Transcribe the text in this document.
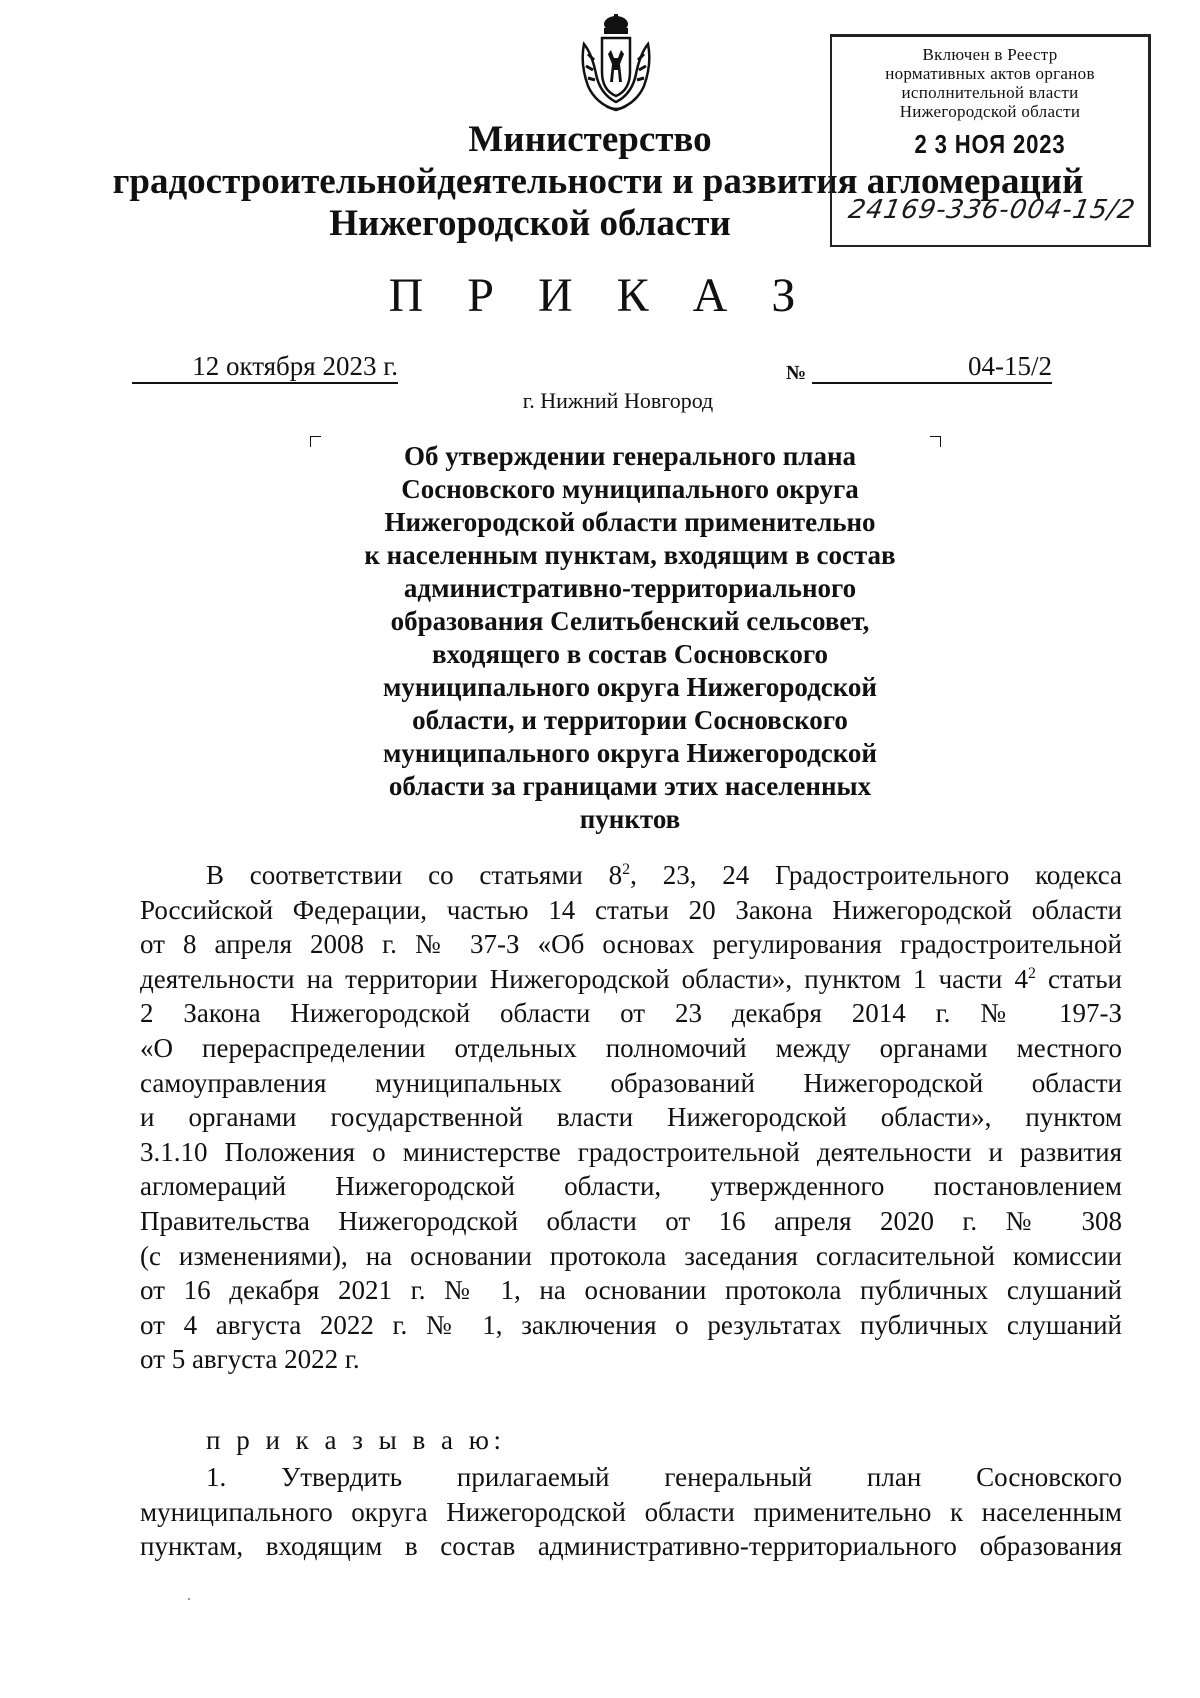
Министерство
градостроительнойдеятельности и развития агломераций
Нижегородской области
Включен в Реестр
нормативных актов органов
исполнительной власти
Нижегородской области
2 3 НОЯ 2023
24169-336-004-15/2
П Р И К А З
12 октября 2023 г.	№	04-15/2
г. Нижний Новгород
Об утверждении генерального плана
Сосновского муниципального округа
Нижегородской области применительно
к населенным пунктам, входящим в состав
административно-территориального
образования Селитьбенский сельсовет,
входящего в состав Сосновского
муниципального округа Нижегородской
области, и территории Сосновского
муниципального округа Нижегородской
области за границами этих населенных
пунктов
В соответствии со статьями $8^2$, 23, 24 Градостроительного кодекса
Российской Федерации, частью 14 статьи 20 Закона Нижегородской области
от 8 апреля 2008 г. № 37-З «Об основах регулирования градостроительной
деятельности на территории Нижегородской области», пунктом 1 части $4^2$ статьи
2 Закона Нижегородской области от 23 декабря 2014 г. № 197-З
«О перераспределении отдельных полномочий между органами местного
самоуправления муниципальных образований Нижегородской области
и органами государственной власти Нижегородской области», пунктом
3.1.10 Положения о министерстве градостроительной деятельности и развития
агломераций Нижегородской области, утвержденного постановлением
Правительства Нижегородской области от 16 апреля 2020 г. № 308
(с изменениями), на основании протокола заседания согласительной комиссии
от 16 декабря 2021 г. № 1, на основании протокола публичных слушаний
от 4 августа 2022 г. № 1, заключения о результатах публичных слушаний
от 5 августа 2022 г.
п р и к а з ы в а ю:
1. Утвердить прилагаемый генеральный план Сосновского
муниципального округа Нижегородской области применительно к населенным
пунктам, входящим в состав административно-территориального образования
